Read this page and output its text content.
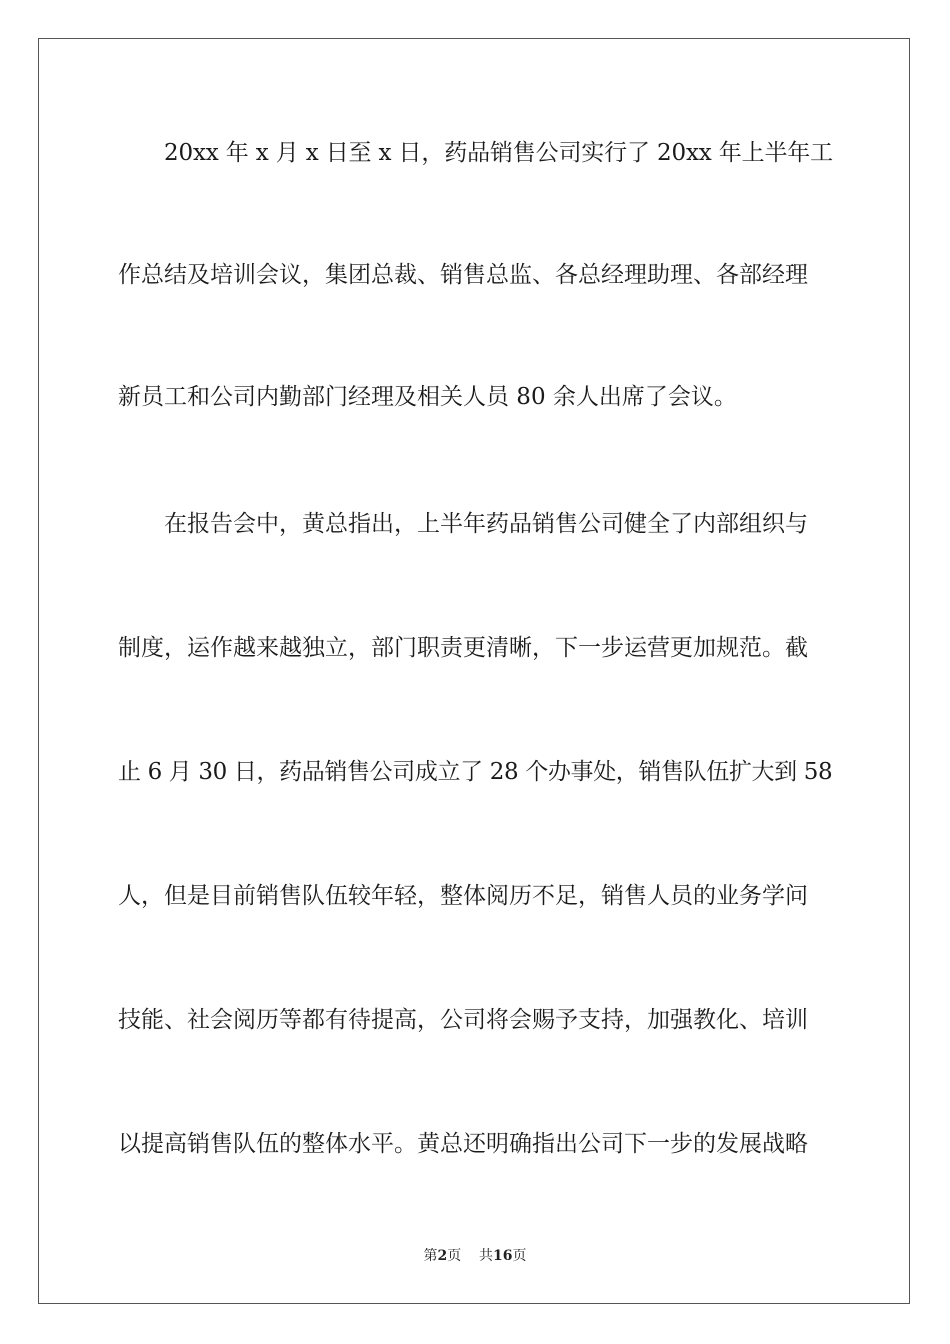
20xx 年 x 月 x 日至 x 日，药品销售公司实行了 20xx 年上半年工
作总结及培训会议，集团总裁、销售总监、各总经理助理、各部经理
新员工和公司内勤部门经理及相关人员 80 余人出席了会议。
在报告会中，黄总指出，上半年药品销售公司健全了内部组织与
制度，运作越来越独立，部门职责更清晰，下一步运营更加规范。截
止 6 月 30 日，药品销售公司成立了 28 个办事处，销售队伍扩大到 58
人，但是目前销售队伍较年轻，整体阅历不足，销售人员的业务学问
技能、社会阅历等都有待提高，公司将会赐予支持，加强教化、培训
以提高销售队伍的整体水平。黄总还明确指出公司下一步的发展战略
第2页 共16页
